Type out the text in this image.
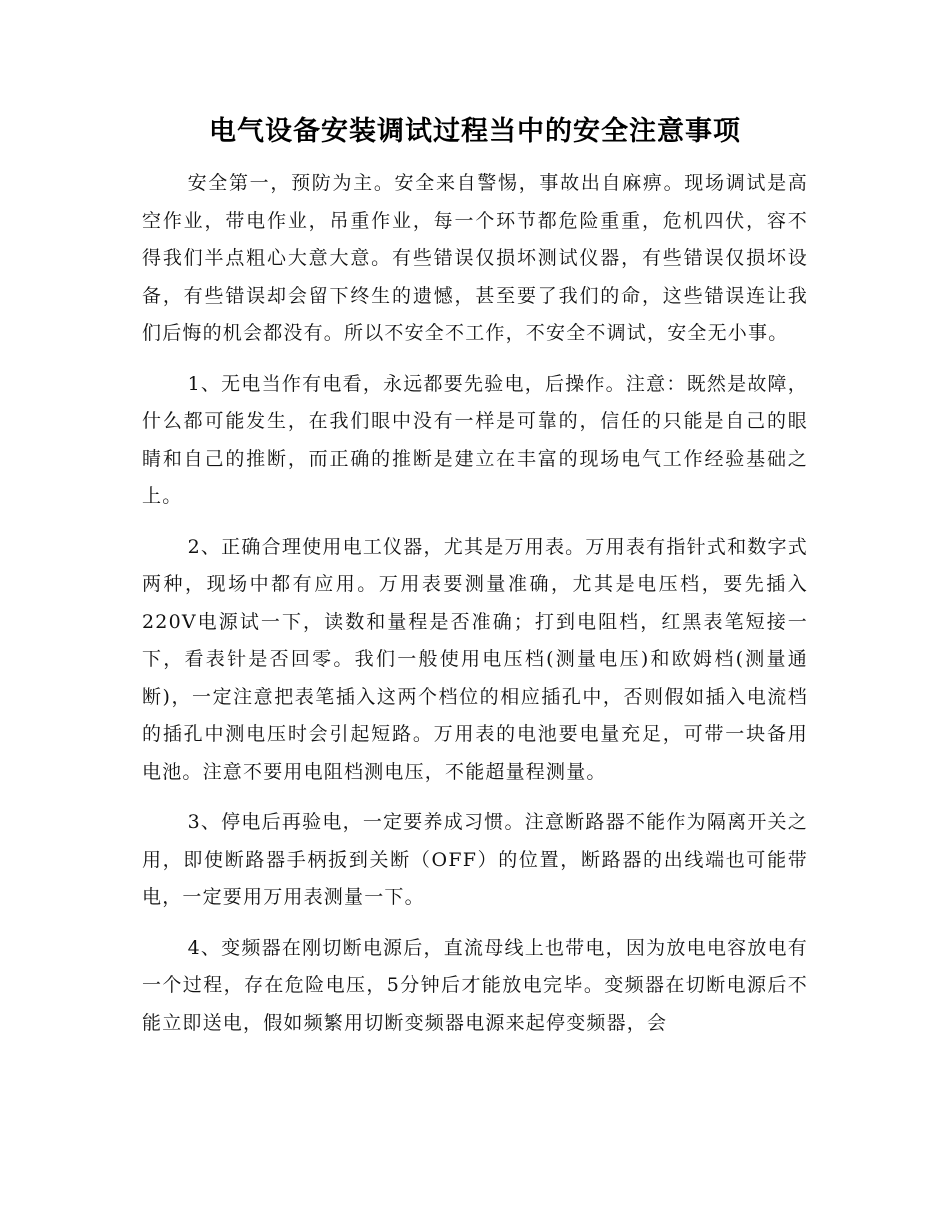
电气设备安装调试过程当中的安全注意事项

安全第一，预防为主。安全来自警惕，事故出自麻痹。现场调试是高空作业，带电作业，吊重作业，每一个环节都危险重重，危机四伏，容不得我们半点粗心大意大意。有些错误仅损坏测试仪器，有些错误仅损坏设备，有些错误却会留下终生的遗憾，甚至要了我们的命，这些错误连让我们后悔的机会都没有。所以不安全不工作，不安全不调试，安全无小事。

1、无电当作有电看，永远都要先验电，后操作。注意：既然是故障，什么都可能发生，在我们眼中没有一样是可靠的，信任的只能是自己的眼睛和自己的推断，而正确的推断是建立在丰富的现场电气工作经验基础之上。

2、正确合理使用电工仪器，尤其是万用表。万用表有指针式和数字式两种，现场中都有应用。万用表要测量准确，尤其是电压档，要先插入220V电源试一下，读数和量程是否准确；打到电阻档，红黑表笔短接一下，看表针是否回零。我们一般使用电压档(测量电压)和欧姆档(测量通断)，一定注意把表笔插入这两个档位的相应插孔中，否则假如插入电流档的插孔中测电压时会引起短路。万用表的电池要电量充足，可带一块备用电池。注意不要用电阻档测电压，不能超量程测量。

3、停电后再验电，一定要养成习惯。注意断路器不能作为隔离开关之用，即使断路器手柄扳到关断（OFF）的位置，断路器的出线端也可能带电，一定要用万用表测量一下。

4、变频器在刚切断电源后，直流母线上也带电，因为放电电容放电有一个过程，存在危险电压，5分钟后才能放电完毕。变频器在切断电源后不能立即送电，假如频繁用切断变频器电源来起停变频器，会
